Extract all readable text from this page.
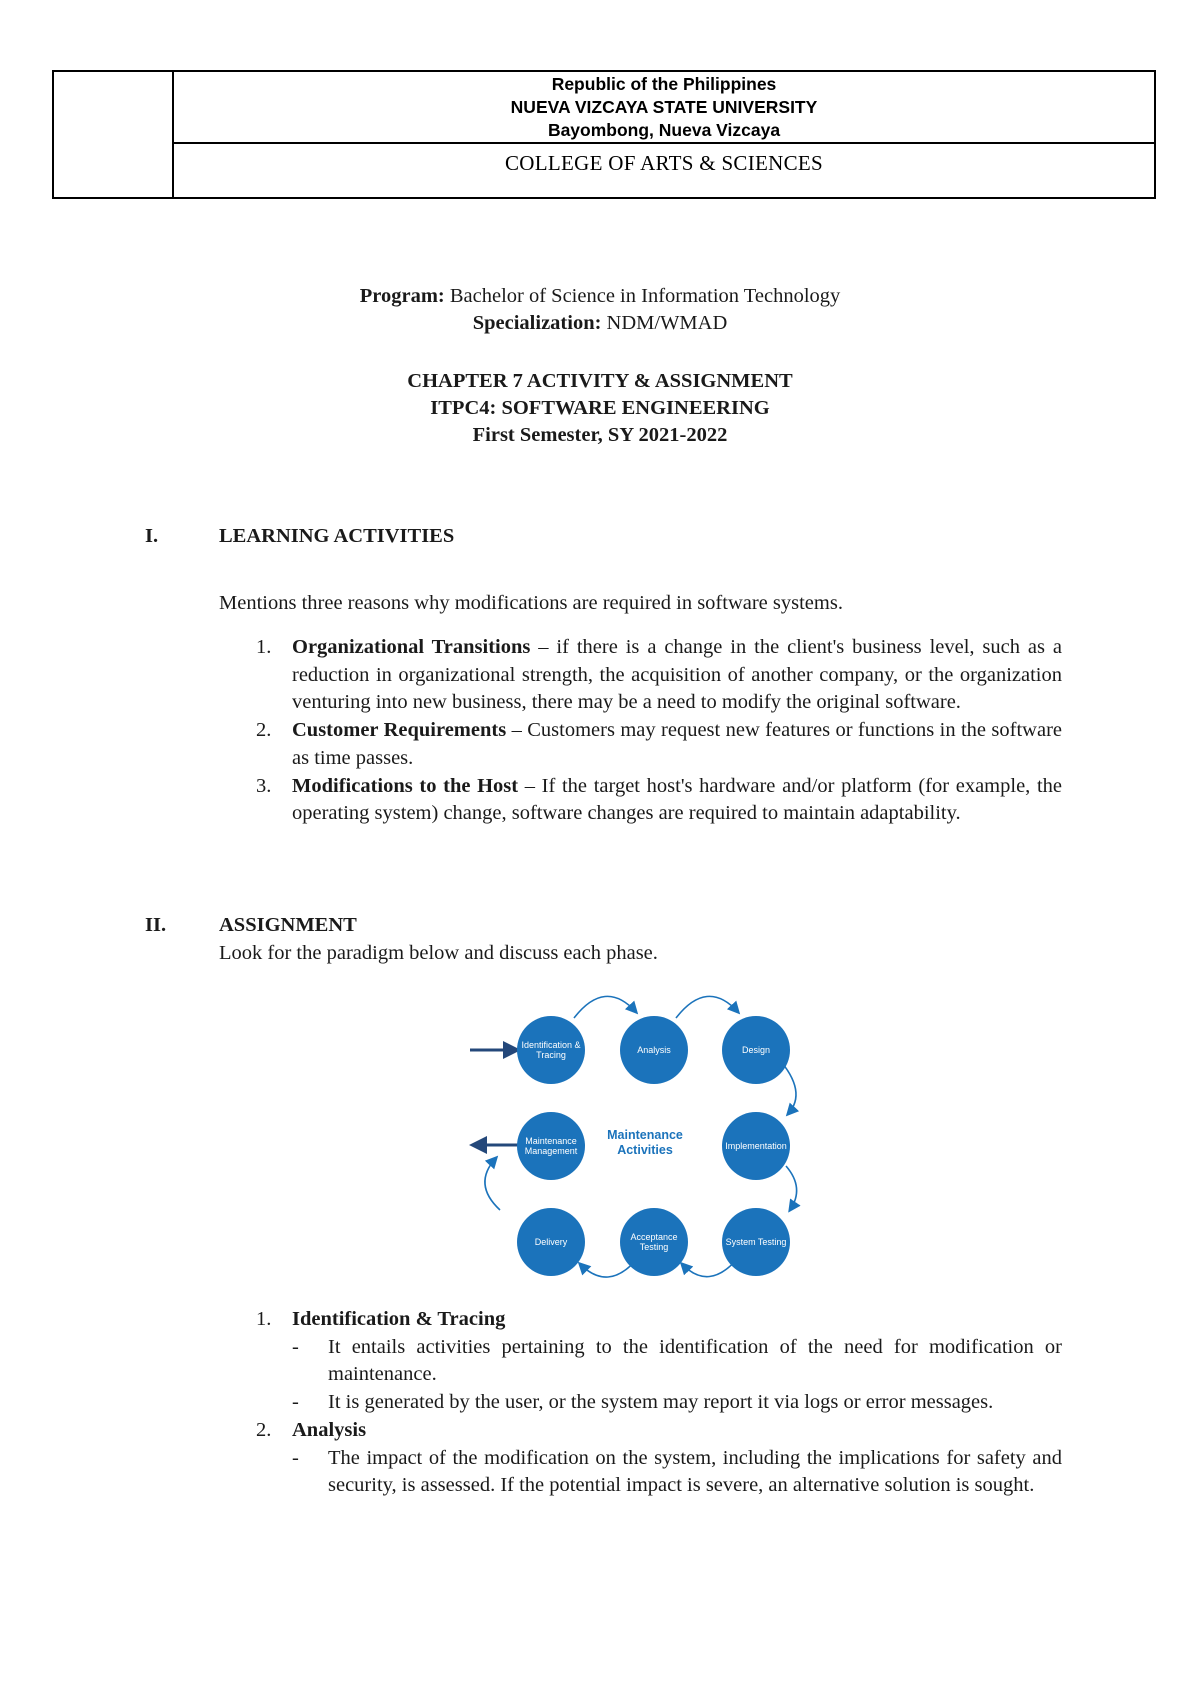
Republic of the Philippines
NUEVA VIZCAYA STATE UNIVERSITY
Bayombong, Nueva Vizcaya
COLLEGE OF ARTS & SCIENCES
Program: Bachelor of Science in Information Technology
Specialization: NDM/WMAD
CHAPTER 7 ACTIVITY & ASSIGNMENT
ITPC4: SOFTWARE ENGINEERING
First Semester, SY 2021-2022
I.	LEARNING ACTIVITIES
Mentions three reasons why modifications are required in software systems.
1. Organizational Transitions – if there is a change in the client's business level, such as a reduction in organizational strength, the acquisition of another company, or the organization venturing into new business, there may be a need to modify the original software.
2. Customer Requirements – Customers may request new features or functions in the software as time passes.
3. Modifications to the Host – If the target host's hardware and/or platform (for example, the operating system) change, software changes are required to maintain adaptability.
II.	ASSIGNMENT
Look for the paradigm below and discuss each phase.
Identification & Tracing	Analysis	Design
Implementation
System Testing
Acceptance Testing
Delivery
Maintenance Management
Maintenance
Activities
1. Identification & Tracing
- It entails activities pertaining to the identification of the need for modification or maintenance.
- It is generated by the user, or the system may report it via logs or error messages.
2. Analysis
- The impact of the modification on the system, including the implications for safety and security, is assessed. If the potential impact is severe, an alternative solution is sought.
